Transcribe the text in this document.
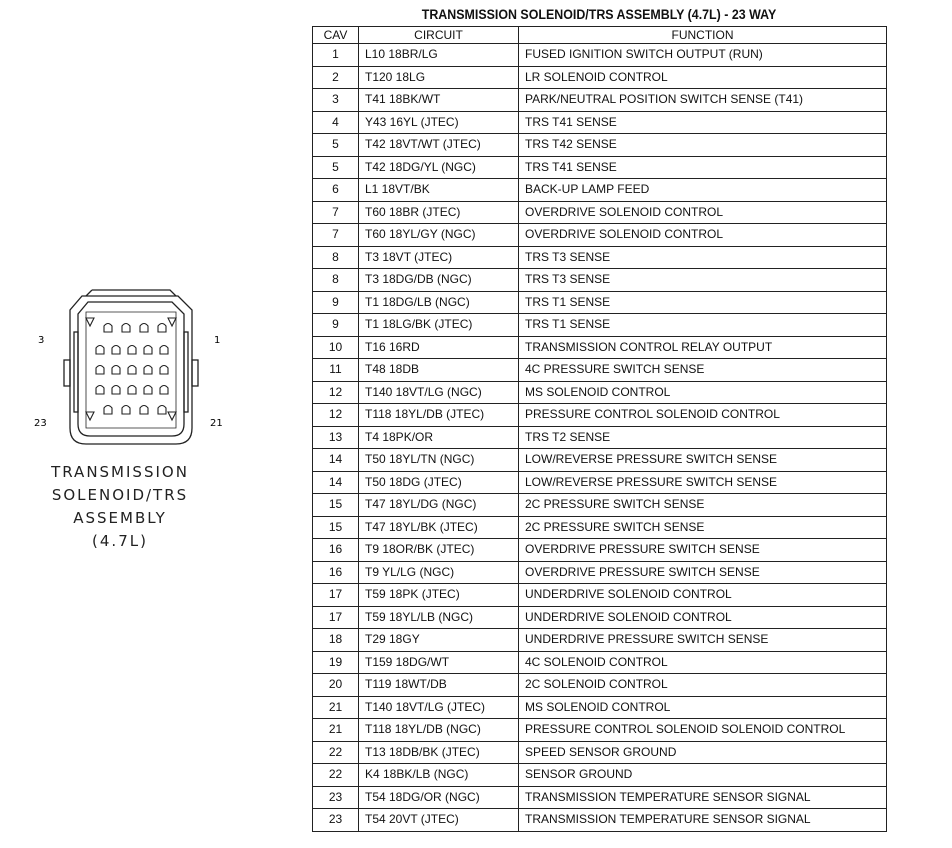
3	1
23	21
TRANSMISSION
SOLENOID/TRS
ASSEMBLY
(4.7L)
TRANSMISSION SOLENOID/TRS ASSEMBLY (4.7L) - 23 WAY
CAV	CIRCUIT	FUNCTION
1	L10 18BR/LG	FUSED IGNITION SWITCH OUTPUT (RUN)
2	T120 18LG	LR SOLENOID CONTROL
3	T41 18BK/WT	PARK/NEUTRAL POSITION SWITCH SENSE (T41)
4	Y43 16YL (JTEC)	TRS T41 SENSE
5	T42 18VT/WT (JTEC)	TRS T42 SENSE
5	T42 18DG/YL (NGC)	TRS T41 SENSE
6	L1 18VT/BK	BACK-UP LAMP FEED
7	T60 18BR (JTEC)	OVERDRIVE SOLENOID CONTROL
7	T60 18YL/GY (NGC)	OVERDRIVE SOLENOID CONTROL
8	T3 18VT (JTEC)	TRS T3 SENSE
8	T3 18DG/DB (NGC)	TRS T3 SENSE
9	T1 18DG/LB (NGC)	TRS T1 SENSE
9	T1 18LG/BK (JTEC)	TRS T1 SENSE
10	T16 16RD	TRANSMISSION CONTROL RELAY OUTPUT
11	T48 18DB	4C PRESSURE SWITCH SENSE
12	T140 18VT/LG (NGC)	MS SOLENOID CONTROL
12	T118 18YL/DB (JTEC)	PRESSURE CONTROL SOLENOID CONTROL
13	T4 18PK/OR	TRS T2 SENSE
14	T50 18YL/TN (NGC)	LOW/REVERSE PRESSURE SWITCH SENSE
14	T50 18DG (JTEC)	LOW/REVERSE PRESSURE SWITCH SENSE
15	T47 18YL/DG (NGC)	2C PRESSURE SWITCH SENSE
15	T47 18YL/BK (JTEC)	2C PRESSURE SWITCH SENSE
16	T9 18OR/BK (JTEC)	OVERDRIVE PRESSURE SWITCH SENSE
16	T9 YL/LG (NGC)	OVERDRIVE PRESSURE SWITCH SENSE
17	T59 18PK (JTEC)	UNDERDRIVE SOLENOID CONTROL
17	T59 18YL/LB (NGC)	UNDERDRIVE SOLENOID CONTROL
18	T29 18GY	UNDERDRIVE PRESSURE SWITCH SENSE
19	T159 18DG/WT	4C SOLENOID CONTROL
20	T119 18WT/DB	2C SOLENOID CONTROL
21	T140 18VT/LG (JTEC)	MS SOLENOID CONTROL
21	T118 18YL/DB (NGC)	PRESSURE CONTROL SOLENOID SOLENOID CONTROL
22	T13 18DB/BK (JTEC)	SPEED SENSOR GROUND
22	K4 18BK/LB (NGC)	SENSOR GROUND
23	T54 18DG/OR (NGC)	TRANSMISSION TEMPERATURE SENSOR SIGNAL
23	T54 20VT (JTEC)	TRANSMISSION TEMPERATURE SENSOR SIGNAL
